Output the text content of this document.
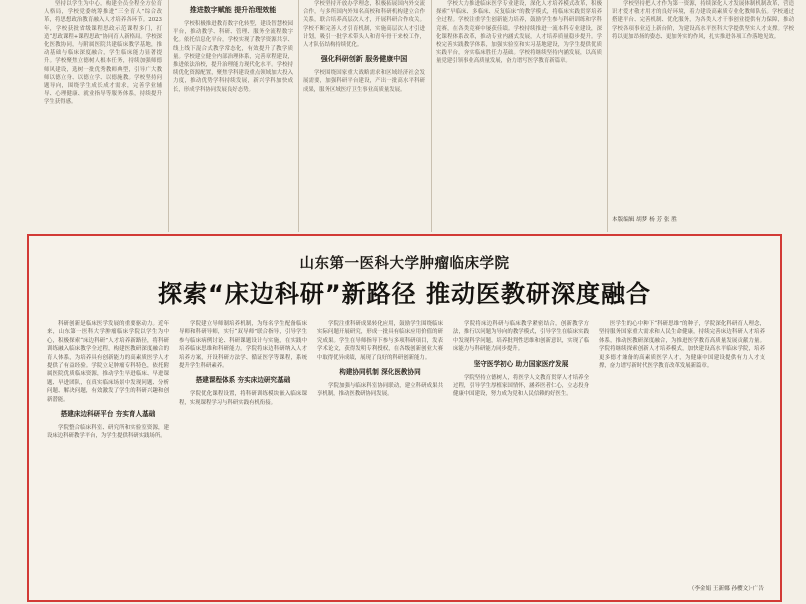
坚持以学生为中心，构建全员全程全方位育人格局，学校党委统筹推进“三全育人”综合改革，将思想政治教育融入人才培养各环节。2023年，学校获批省级课程思政示范课程多门，打造“思政课程+课程思政”协同育人新格局。学校深化医教协同，与附属医院共建临床教学基地，推动基础与临床深度融合，学生临床能力显著提升。学校聚焦立德树人根本任务，持续加强师德师风建设，选树一批优秀教师典型，引导广大教师以德立身、以德立学、以德施教。学校坚持问题导向，围绕学生成长成才需求，完善学业辅导、心理健康、就业指导等服务体系，持续提升学生获得感。

推进数字赋能 提升治理效能

学校积极推进教育数字化转型，建设智慧校园平台，推动教学、科研、管理、服务全流程数字化。依托信息化平台，学校实现了教学资源共享、线上线下混合式教学常态化，有效提升了教学质量。学校建立健全内部治理体系，完善章程建设，推进依法治校，提升治理能力现代化水平。学校持续优化资源配置，聚焦学科建设重点领域加大投入力度，推动优势学科持续发展，新兴学科加快成长，形成学科协同发展良好态势。

学校坚持开放办学理念，积极拓展国内外交流合作，与多所国内外知名高校和科研机构建立合作关系，联合培养高层次人才，开展科研合作攻关。学校不断完善人才引育机制，实施高层次人才引进计划，吸引一批学术带头人和青年骨干来校工作，人才队伍结构持续优化。

强化科研创新 服务健康中国

学校围绕国家重大战略需求和区域经济社会发展需要，加强科研平台建设，产出一批高水平科研成果，服务区域医疗卫生事业高质量发展。

学校大力推进临床医学专业建设，深化人才培养模式改革，积极探索“早临床、多临床、反复临床”的教学模式，将临床实践贯穿培养全过程。学校注重学生创新能力培养，鼓励学生参与科研训练和学科竞赛，在各类竞赛中屡获佳绩。学校持续推进一流本科专业建设，深化课程体系改革，推动专业内涵式发展，人才培养质量稳步提升。学校完善实践教学体系，加强实验室和实习基地建设，为学生提供优质实践平台，夯实临床胜任力基础。学校将继续坚持内涵发展，以高质量党建引领事业高质量发展，奋力谱写医学教育新篇章。

学校坚持把人才作为第一资源，持续深化人才发展体制机制改革，营造识才爱才敬才用才的良好环境，着力建设高素质专业化教师队伍。学校通过搭建平台、完善机制、优化服务，为各类人才干事创业提供有力保障，推动学校各项事业迈上新台阶，为建设高水平医科大学提供坚实人才支撑。学校将以更加昂扬的姿态、更加务实的作风，扎实推进各项工作落地见效。

本版编辑 胡梦 杨 芳 张 胜
山东第一医科大学肿瘤临床学院
探索“床边科研”新路径 推动医教研深度融合

科研创新是临床医学发展的重要驱动力。近年来，山东第一医科大学肿瘤临床学院以学生为中心，积极探索“床边科研”人才培养新路径，将科研训练融入临床教学全过程，构建医教研深度融合的育人体系，为培养具有创新能力的高素质医学人才提供了有益经验。学院立足肿瘤专科特色，依托附属医院优质临床资源，推动学生早进临床、早进课题、早进团队，在真实临床场景中发现问题、分析问题、解决问题，有效激发了学生的科研兴趣和创新潜能。

搭建床边科研平台 夯实育人基础

学院整合临床科室、研究所和实验室资源，建设床边科研教学平台，为学生提供科研实践场所。

学院建立导师制培养机制，为每名学生配备临床导师和科研导师，实行“双导师”联合指导，引导学生参与临床病例讨论、科研课题设计与实施，在实践中培养临床思维和科研能力。学院将床边科研纳入人才培养方案，开设科研方法学、循证医学等课程，系统提升学生科研素养。

搭建课程体系 夯实床边研究基础

学院优化课程设置，将科研训练模块嵌入临床课程，实现课程学习与科研实践有机衔接。

学院注重科研成果转化应用，鼓励学生围绕临床实际问题开展研究，形成一批具有临床应用价值的研究成果。学生在导师指导下参与多项科研项目，发表学术论文，获得发明专利授权，在各级创新创业大赛中取得优异成绩，展现了良好的科研创新能力。

构建协同机制 深化医教协同

学院加强与临床科室协同联动，建立科研成果共享机制，推动医教研协同发展。

学院将床边科研与临床教学紧密结合，创新教学方法，推行以问题为导向的教学模式，引导学生在临床实践中发现科学问题，培养批判性思维和创新意识，实现了临床能力与科研能力同步提升。

坚守医学初心 助力国家医疗发展

学院坚持立德树人，将医学人文教育贯穿人才培养全过程，引导学生厚植家国情怀，涵养医者仁心，立志投身健康中国建设，努力成为党和人民信赖的好医生。

医学生的心中种下“科研思维”的种子，学院深化科研育人理念，坚持服务国家重大需求和人民生命健康，持续完善床边科研人才培养体系，推动医教研深度融合，为推进医学教育高质量发展贡献力量。学院将继续探索创新人才培养模式，加快建设高水平临床学院，培养更多德才兼备的高素质医学人才，为健康中国建设提供有力人才支撑，奋力谱写新时代医学教育改革发展新篇章。

（李金娟 王新娜 孙樱文）·广告
